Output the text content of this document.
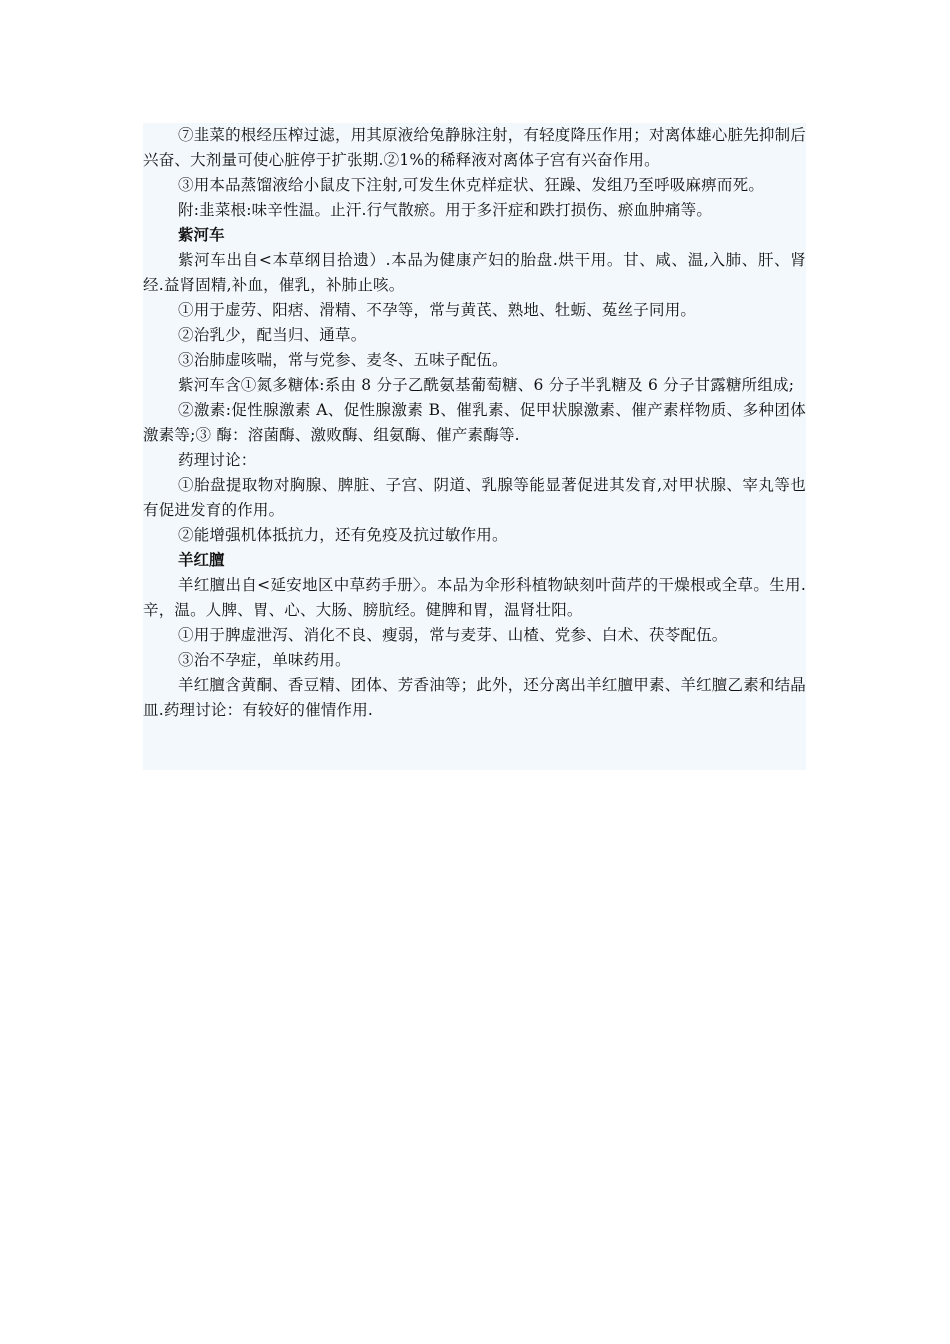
⑦韭菜的根经压榨过滤，用其原液给兔静脉注射，有轻度降压作用；对离体雄心脏先抑制后兴奋、大剂量可使心脏停于扩张期.②1%的稀释液对离体子宫有兴奋作用。

③用本品蒸馏液给小鼠皮下注射,可发生休克样症状、狂躁、发组乃至呼吸麻痹而死。

附:韭菜根:味辛性温。止汗.行气散瘀。用于多汗症和跌打损伤、瘀血肿痛等。

紫河车

紫河车出自<本草纲目拾遗）.本品为健康产妇的胎盘.烘干用。甘、咸、温,入肺、肝、肾经.益肾固精,补血，催乳，补肺止咳。

①用于虚劳、阳痞、滑精、不孕等，常与黄芪、熟地、牡蛎、菟丝子同用。

②治乳少，配当归、通草。

③治肺虚咳喘，常与党参、麦冬、五味子配伍。

紫河车含①氮多糖体:系由 8 分子乙酰氨基葡萄糖、6 分子半乳糖及 6 分子甘露糖所组成;

②激素:促性腺激素 A、促性腺激素 B、催乳素、促甲状腺激素、催产素样物质、多种团体激素等;③ 酶：溶菌酶、激败酶、组氨酶、催产素酶等.

药理讨论：

①胎盘提取物对胸腺、脾脏、子宫、阴道、乳腺等能显著促进其发育,对甲状腺、宰丸等也有促进发育的作用。

②能增强机体抵抗力，还有免疫及抗过敏作用。

羊红膻

羊红膻出自<延安地区中草药手册〉。本品为伞形科植物缺刻叶茴芹的干燥根或全草。生用.辛，温。人脾、胃、心、大肠、膀肮经。健脾和胃，温肾壮阳。

①用于脾虚泄泻、消化不良、瘦弱，常与麦芽、山楂、党参、白术、茯苓配伍。

③治不孕症，单味药用。

羊红膻含黄酮、香豆精、团体、芳香油等；此外，还分离出羊红膻甲素、羊红膻乙素和结晶皿.药理讨论：有较好的催情作用.
